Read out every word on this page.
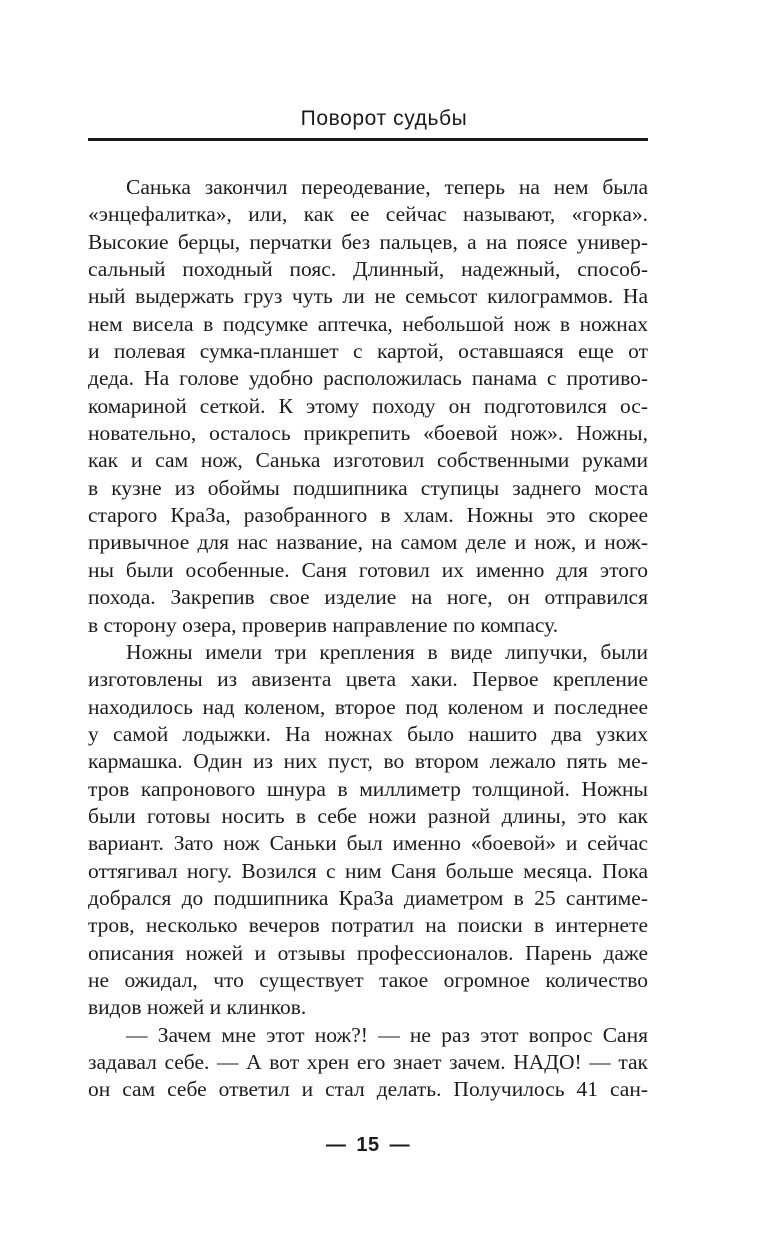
Поворот судьбы
Санька закончил переодевание, теперь на нем была
«энцефалитка», или, как ее сейчас называют, «горка».
Высокие берцы, перчатки без пальцев, а на поясе универ-
сальный походный пояс. Длинный, надежный, способ-
ный выдержать груз чуть ли не семьсот килограммов. На
нем висела в подсумке аптечка, небольшой нож в ножнах
и полевая сумка-планшет с картой, оставшаяся еще от
деда. На голове удобно расположилась панама с противо-
комариной сеткой. К этому походу он подготовился ос-
новательно, осталось прикрепить «боевой нож». Ножны,
как и сам нож, Санька изготовил собственными руками
в кузне из обоймы подшипника ступицы заднего моста
старого КраЗа, разобранного в хлам. Ножны это скорее
привычное для нас название, на самом деле и нож, и нож-
ны были особенные. Саня готовил их именно для этого
похода. Закрепив свое изделие на ноге, он отправился
в сторону озера, проверив направление по компасу.
Ножны имели три крепления в виде липучки, были
изготовлены из авизента цвета хаки. Первое крепление
находилось над коленом, второе под коленом и последнее
у самой лодыжки. На ножнах было нашито два узких
кармашка. Один из них пуст, во втором лежало пять ме-
тров капронового шнура в миллиметр толщиной. Ножны
были готовы носить в себе ножи разной длины, это как
вариант. Зато нож Саньки был именно «боевой» и сейчас
оттягивал ногу. Возился с ним Саня больше месяца. Пока
добрался до подшипника КраЗа диаметром в 25 сантиме-
тров, несколько вечеров потратил на поиски в интернете
описания ножей и отзывы профессионалов. Парень даже
не ожидал, что существует такое огромное количество
видов ножей и клинков.
— Зачем мне этот нож?! — не раз этот вопрос Саня
задавал себе. — А вот хрен его знает зачем. НАДО! — так
он сам себе ответил и стал делать. Получилось 41 сан-
— 15 —
